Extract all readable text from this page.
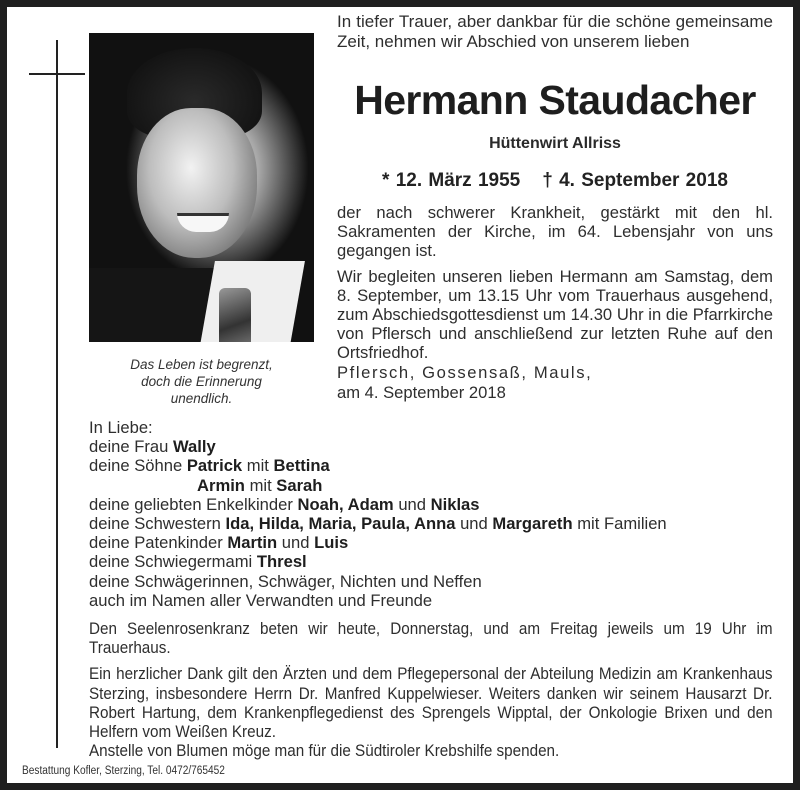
Das Leben ist begrenzt,
doch die Erinnerung
unendlich.
In tiefer Trauer, aber dankbar für die schöne gemeinsame Zeit, nehmen wir Abschied von unserem lieben
Hermann Staudacher
Hüttenwirt Allriss
* 12. März 1955 † 4. September 2018

der nach schwerer Krankheit, gestärkt mit den hl. Sakramenten der Kirche, im 64. Lebensjahr von uns gegangen ist.

Wir begleiten unseren lieben Hermann am Samstag, dem 8. September, um 13.15 Uhr vom Trauerhaus ausgehend, zum Abschiedsgottesdienst um 14.30 Uhr in die Pfarrkirche von Pflersch und anschließend zur letzten Ruhe auf den Ortsfriedhof.

Pflersch, Gossensaß, Mauls,
am 4. September 2018
In Liebe:
deine Frau Wally
deine Söhne Patrick mit Bettina
Armin mit Sarah
deine geliebten Enkelkinder Noah, Adam und Niklas
deine Schwestern Ida, Hilda, Maria, Paula, Anna und Margareth mit Familien
deine Patenkinder Martin und Luis
deine Schwiegermami Thresl
deine Schwägerinnen, Schwäger, Nichten und Neffen
auch im Namen aller Verwandten und Freunde

Den Seelenrosenkranz beten wir heute, Donnerstag, und am Freitag jeweils um 19 Uhr im Trauerhaus.

Ein herzlicher Dank gilt den Ärzten und dem Pflegepersonal der Abteilung Medizin am Krankenhaus Sterzing, insbesondere Herrn Dr. Manfred Kuppelwieser. Weiters danken wir seinem Hausarzt Dr. Robert Hartung, dem Krankenpflegedienst des Sprengels Wipptal, der Onkologie Brixen und den Helfern vom Weißen Kreuz.

Anstelle von Blumen möge man für die Südtiroler Krebshilfe spenden.

Bestattung Kofler, Sterzing, Tel. 0472/765452
